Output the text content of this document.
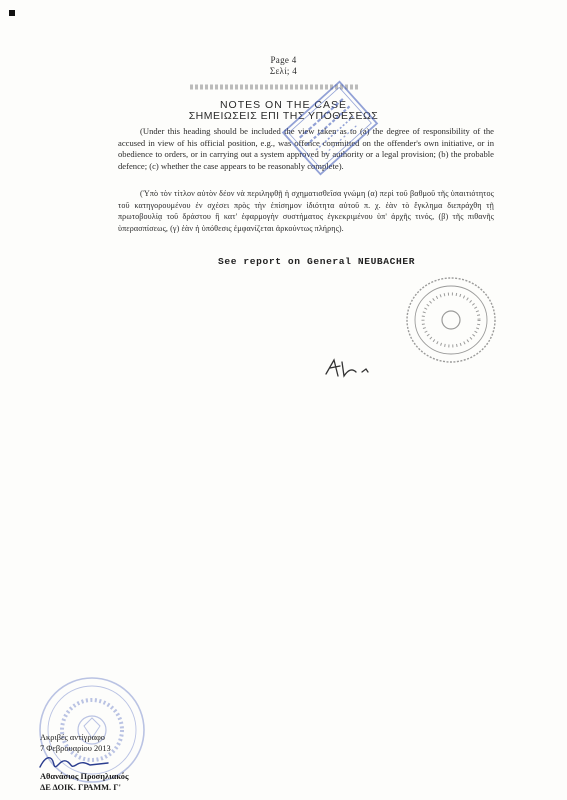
Page 4
Σελί; 4
NOTES ON THE CASE
ΣΗΜΕΙΩΣΕΙΣ ΕΠΙ ΤΗΣ ΥΠΟΘΕΣΕΩΣ
(Under this heading should be included the view taken as to (a) the degree of responsibility of the accused in view of his official position, e.g., was offence committed on the offender's own initiative, or in obedience to orders, or in carrying out a system approved by authority or a legal provision; (b) the probable defence; (c) whether the case appears to be reasonably complete).
(Ὑπὸ τὸν τίτλον αὐτὸν δέον νὰ περιληφθῇ ἡ σχηματισθεῖσα γνώμη (α) περὶ τοῦ βαθμοῦ τῆς ὑπαιτιότητος τοῦ κατηγορουμένου ἐν σχέσει πρὸς τὴν ἐπίσημον ἰδιότητα αὐτοῦ π. χ. ἐὰν τὸ ἔγκλημα διεπράχθη τῇ πρωτοβουλίᾳ τοῦ δράστου ἢ κατ' ἐφαρμογὴν συστήματος ἐγκεκριμένου ὑπ' ἀρχῆς τινός, (β) τῆς πιθανῆς ὑπερασπίσεως, (γ) ἐὰν ἡ ὑπόθεσις ἐμφανίζεται ἀρκούντως πλήρης).
See report on General NEUBACHER
Ακριβές αντίγραφο
7 Φεβρουαρίου 2013
Αθανάσιος Προσηλιακός
ΔΕ ΔΟΙΚ. ΓΡΑΜΜ. Γ'
